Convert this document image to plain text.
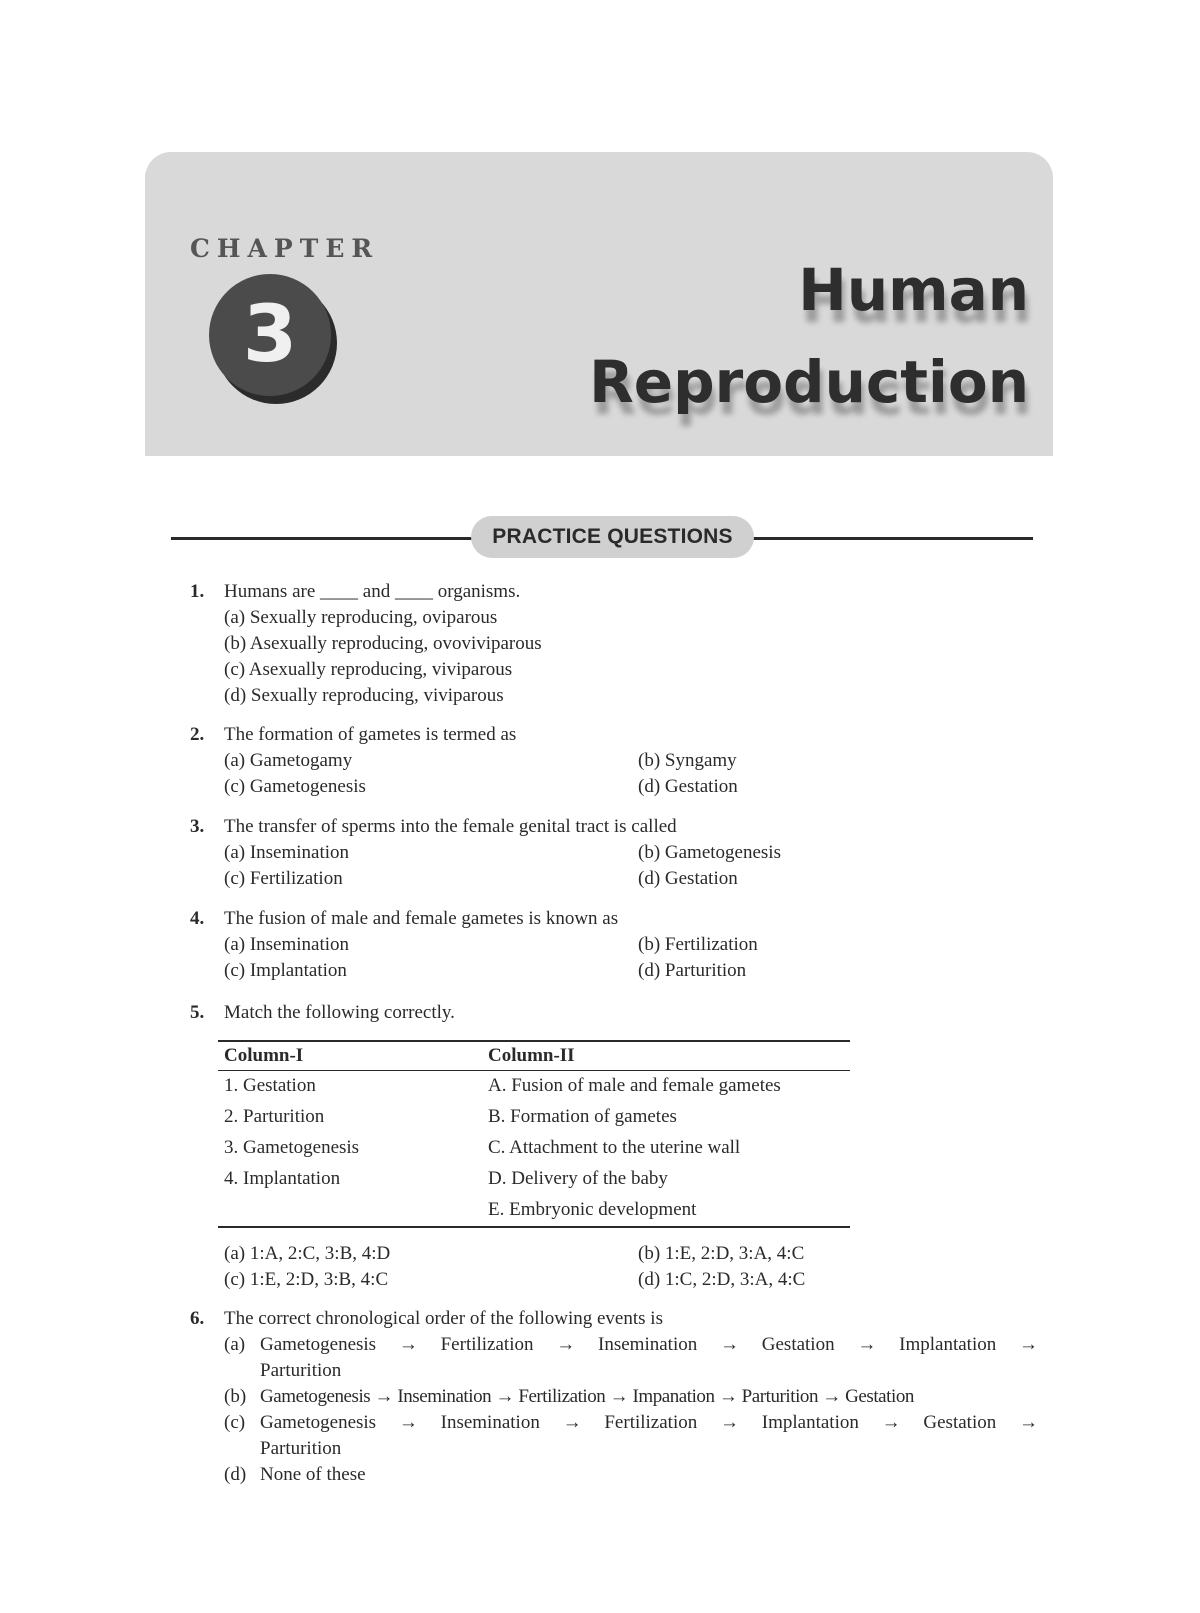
CHAPTER
3	Human
Reproduction
PRACTICE QUESTIONS
1.	Humans are ____ and ____ organisms.
(a) Sexually reproducing, oviparous
(b) Asexually reproducing, ovoviviparous
(c) Asexually reproducing, viviparous
(d) Sexually reproducing, viviparous
2.	The formation of gametes is termed as
(a) Gametogamy	(b) Syngamy
(c) Gametogenesis	(d) Gestation
3.	The transfer of sperms into the female genital tract is called
(a) Insemination	(b) Gametogenesis
(c) Fertilization	(d) Gestation
4.	The fusion of male and female gametes is known as
(a) Insemination	(b) Fertilization
(c) Implantation	(d) Parturition
5.	Match the following correctly.
Column-I	Column-II
1. Gestation	A. Fusion of male and female gametes
2. Parturition	B. Formation of gametes
3. Gametogenesis	C. Attachment to the uterine wall
4. Implantation	D. Delivery of the baby
	E. Embryonic development
(a) 1:A, 2:C, 3:B, 4:D	(b) 1:E, 2:D, 3:A, 4:C
(c) 1:E, 2:D, 3:B, 4:C	(d) 1:C, 2:D, 3:A, 4:C
6.	The correct chronological order of the following events is
(a) Gametogenesis → Fertilization → Insemination → Gestation → Implantation →
Parturition
(b) Gametogenesis → Insemination → Fertilization → Impanation → Parturition → Gestation
(c) Gametogenesis → Insemination → Fertilization → Implantation → Gestation →
Parturition
(d) None of these
